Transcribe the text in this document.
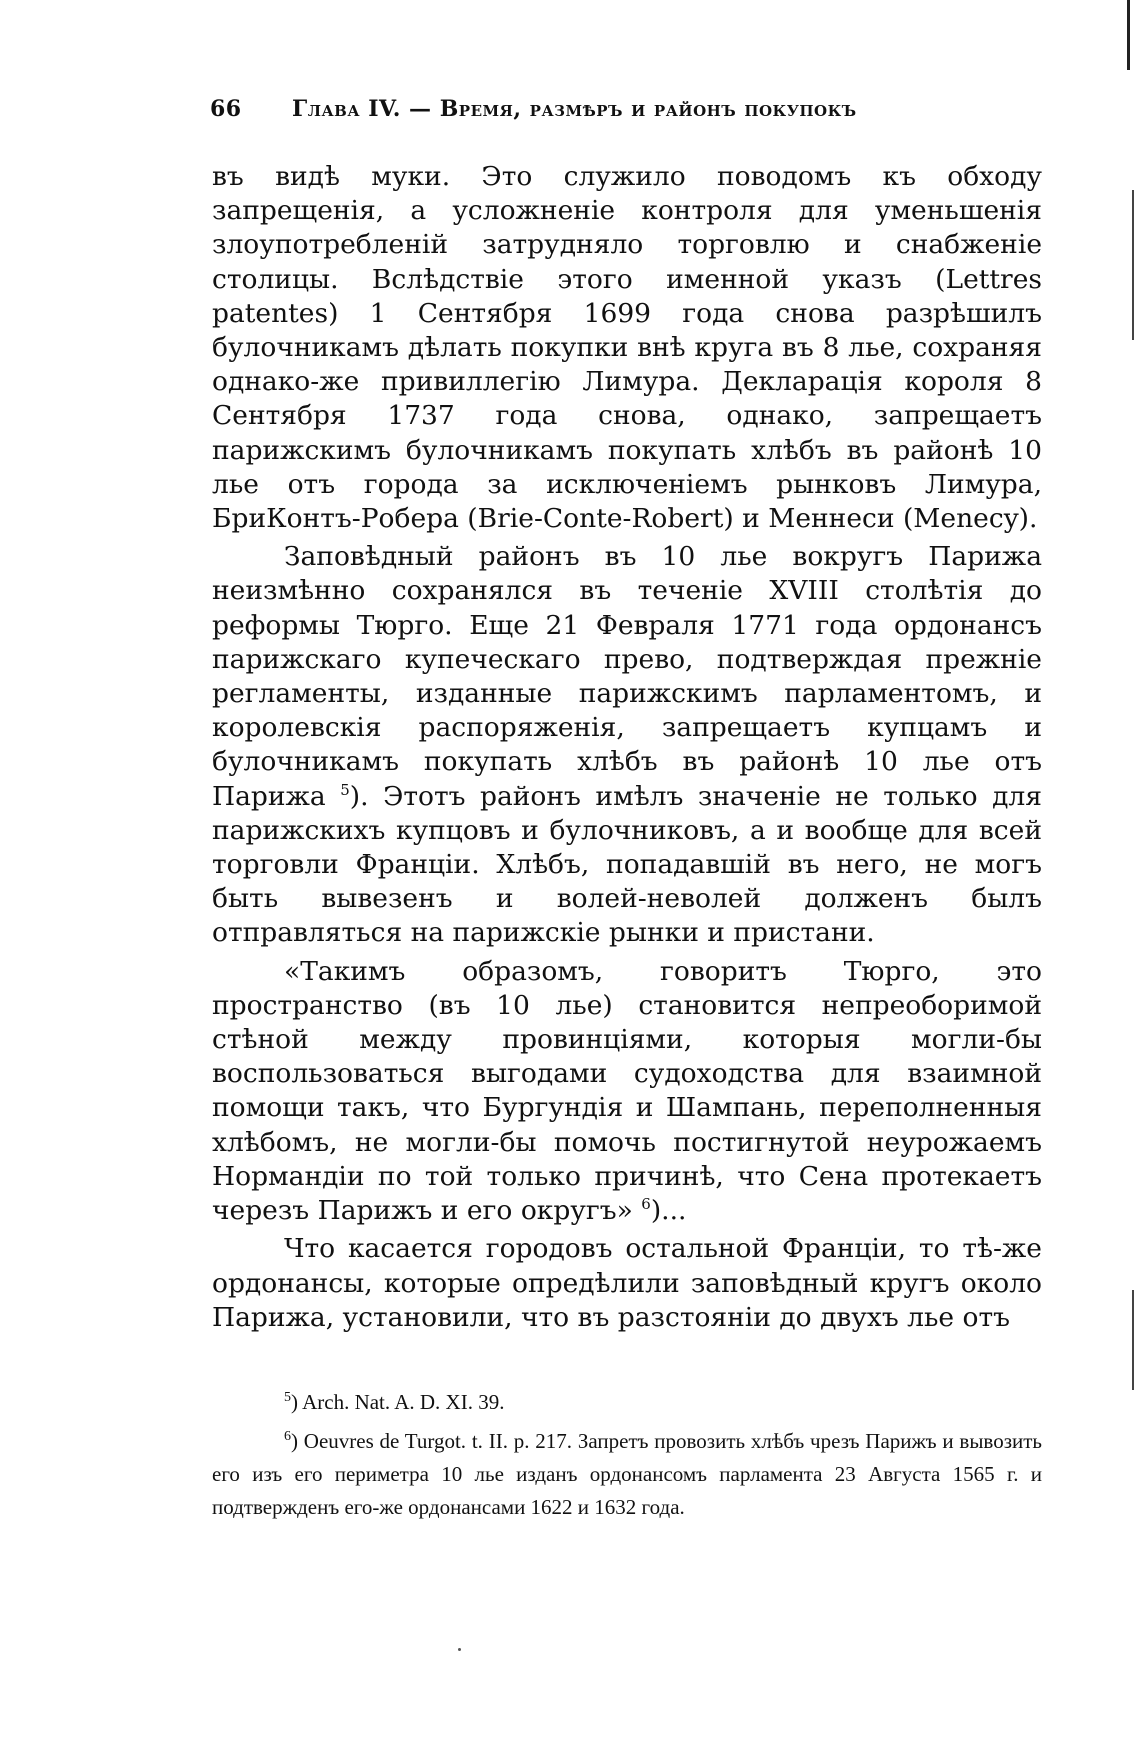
66 Глава IV. — Время, размѣръ и районъ покупокъ

въ видѣ муки. Это служило поводомъ къ обходу запрещенія, а усложненіе контроля для уменьшенія злоупотребленій затрудняло торговлю и снабженіе столицы. Вслѣдствіе этого именной указъ (Lettres patentes) 1 Сентября 1699 года снова разрѣшилъ булочникамъ дѣлать покупки внѣ круга въ 8 лье, сохраняя однако-же привиллегію Лимура. Декларація короля 8 Сентября 1737 года снова, однако, запрещаетъ парижскимъ булочникамъ покупать хлѣбъ въ районѣ 10 лье отъ города за исключеніемъ рынковъ Лимура, БриКонтъ-Робера (Brie-Conte-Robert) и Меннеси (Menecy).

Заповѣдный районъ въ 10 лье вокругъ Парижа неизмѣнно сохранялся въ теченіе XVIII столѣтія до реформы Тюрго. Еще 21 Февраля 1771 года ордонансъ парижскаго купеческаго прево, подтверждая прежніе регламенты, изданные парижскимъ парламентомъ, и королевскія распоряженія, запрещаетъ купцамъ и булочникамъ покупать хлѣбъ въ районѣ 10 лье отъ Парижа $^5$). Этотъ районъ имѣлъ значеніе не только для парижскихъ купцовъ и булочниковъ, а и вообще для всей торговли Франціи. Хлѣбъ, попадавшій въ него, не могъ быть вывезенъ и волей-неволей долженъ былъ отправляться на парижскіе рынки и пристани.

«Такимъ образомъ, говоритъ Тюрго, это пространство (въ 10 лье) становится непреоборимой стѣной между провинціями, которыя могли-бы воспользоваться выгодами судоходства для взаимной помощи такъ, что Бургундія и Шампань, переполненныя хлѣбомъ, не могли-бы помочь постигнутой неурожаемъ Нормандіи по той только причинѣ, что Сена протекаетъ черезъ Парижъ и его округъ» $^6$)...

Что касается городовъ остальной Франціи, то тѣ-же ордонансы, которые опредѣлили заповѣдный кругъ около Парижа, установили, что въ разстояніи до двухъ лье отъ

$^5$) Arch. Nat. A. D. XI. 39.

$^6$) Oeuvres de Turgot. t. II. p. 217. Запретъ провозить хлѣбъ чрезъ Парижъ и вывозить его изъ его периметра 10 лье изданъ ордонансомъ парламента 23 Августа 1565 г. и подтвержденъ его-же ордонансами 1622 и 1632 года.
